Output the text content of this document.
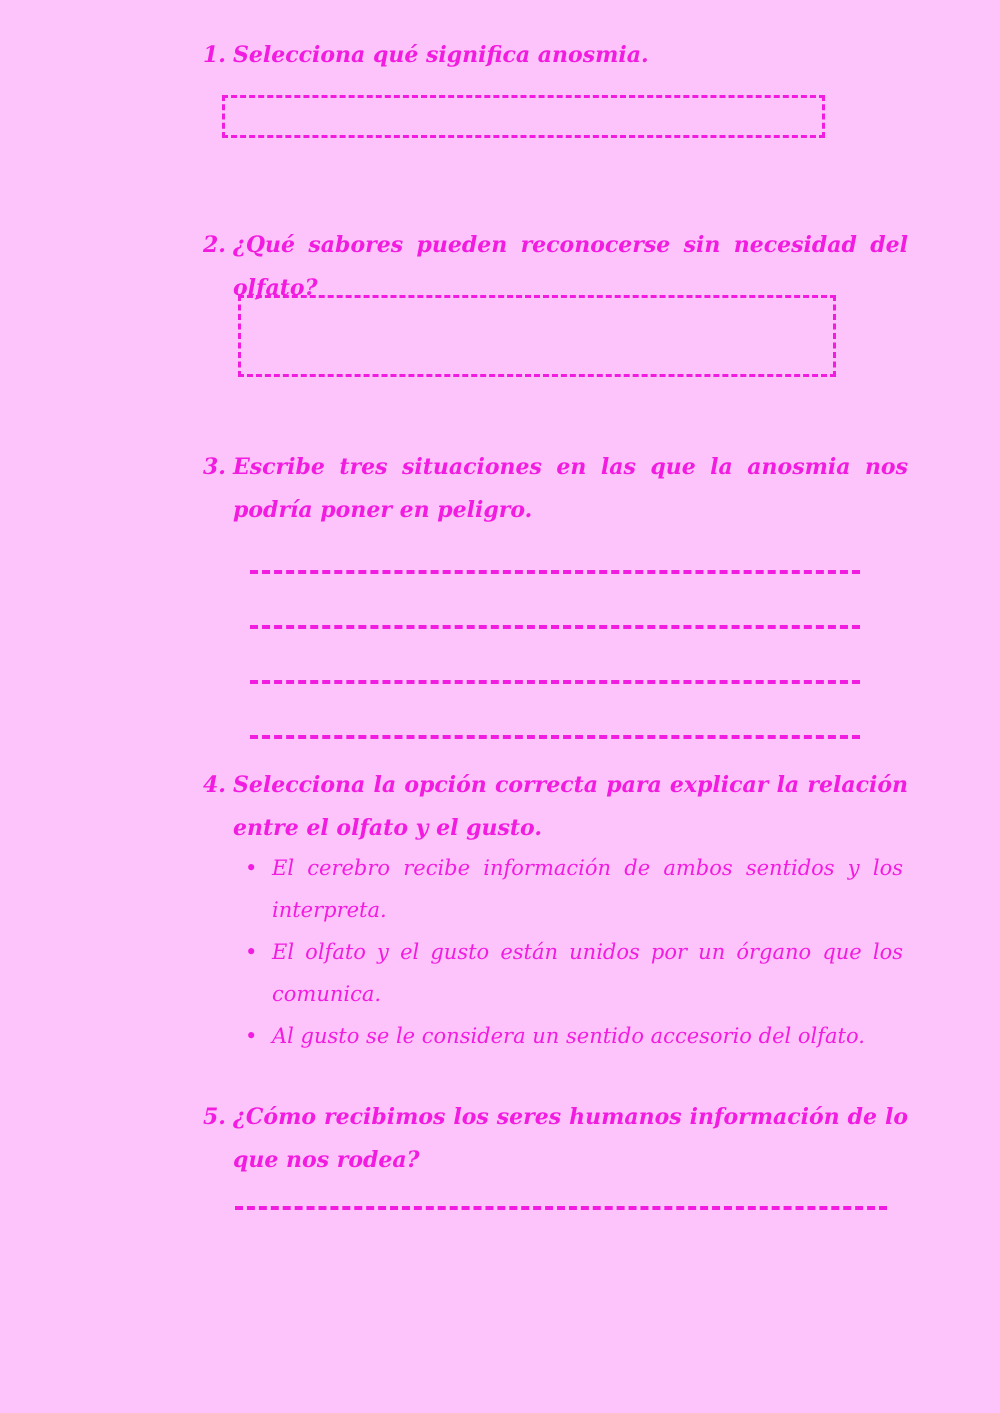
1. Selecciona qué significa anosmia.
2. ¿Qué sabores pueden reconocerse sin necesidad del olfato?
3. Escribe tres situaciones en las que la anosmia nos podría poner en peligro.
4. Selecciona la opción correcta para explicar la relación entre el olfato y el gusto.
• El cerebro recibe información de ambos sentidos y los interpreta.
• El olfato y el gusto están unidos por un órgano que los comunica.
• Al gusto se le considera un sentido accesorio del olfato.
5. ¿Cómo recibimos los seres humanos información de lo que nos rodea?
